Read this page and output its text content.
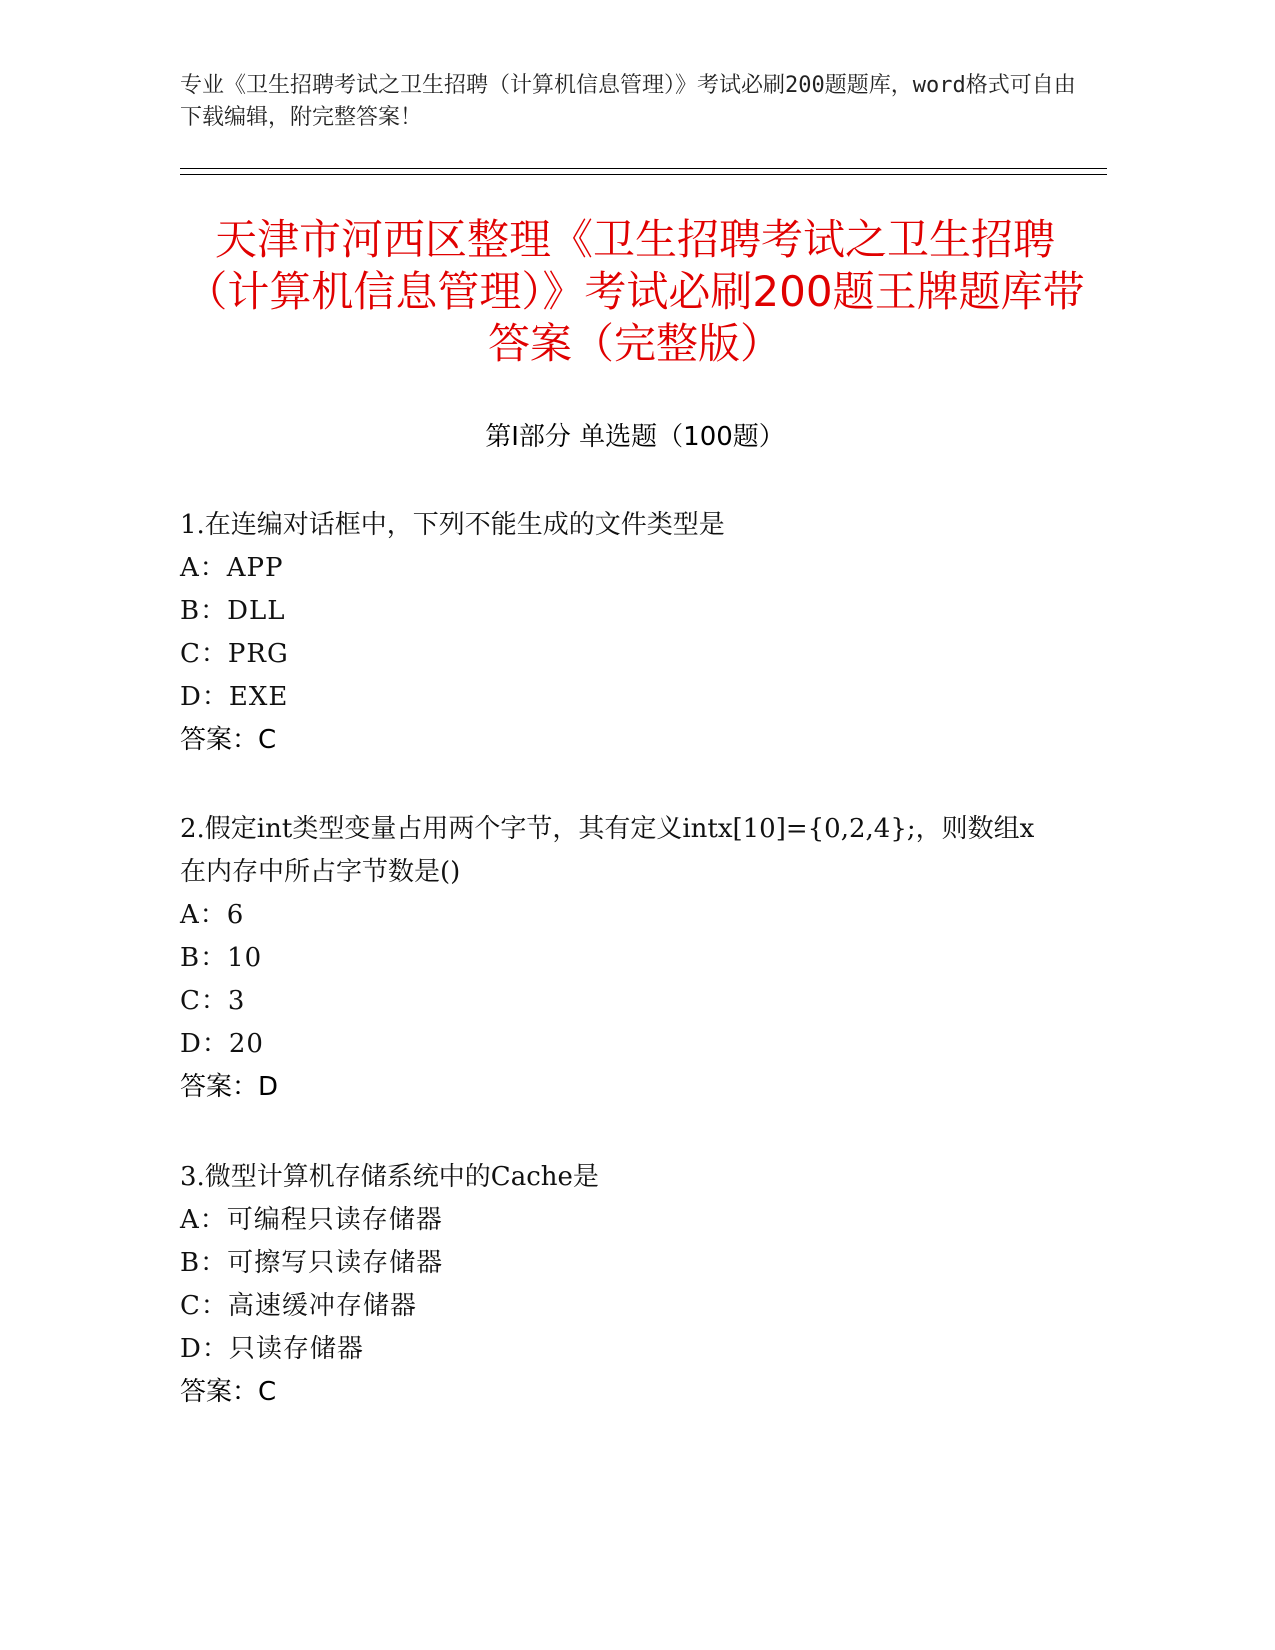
专业《卫生招聘考试之卫生招聘（计算机信息管理）》考试必刷200题题库，word格式可自由下载编辑，附完整答案！
天津市河西区整理《卫生招聘考试之卫生招聘（计算机信息管理）》考试必刷200题王牌题库带答案（完整版）
第Ⅰ部分 单选题（100题）
1.在连编对话框中，下列不能生成的文件类型是
A：APP
B：DLL
C：PRG
D：EXE
答案：C
2.假定int类型变量占用两个字节，其有定义intx[10]={0,2,4};，则数组x在内存中所占字节数是()
A：6
B：10
C：3
D：20
答案：D
3.微型计算机存储系统中的Cache是
A：可编程只读存储器
B：可擦写只读存储器
C：高速缓冲存储器
D：只读存储器
答案：C
